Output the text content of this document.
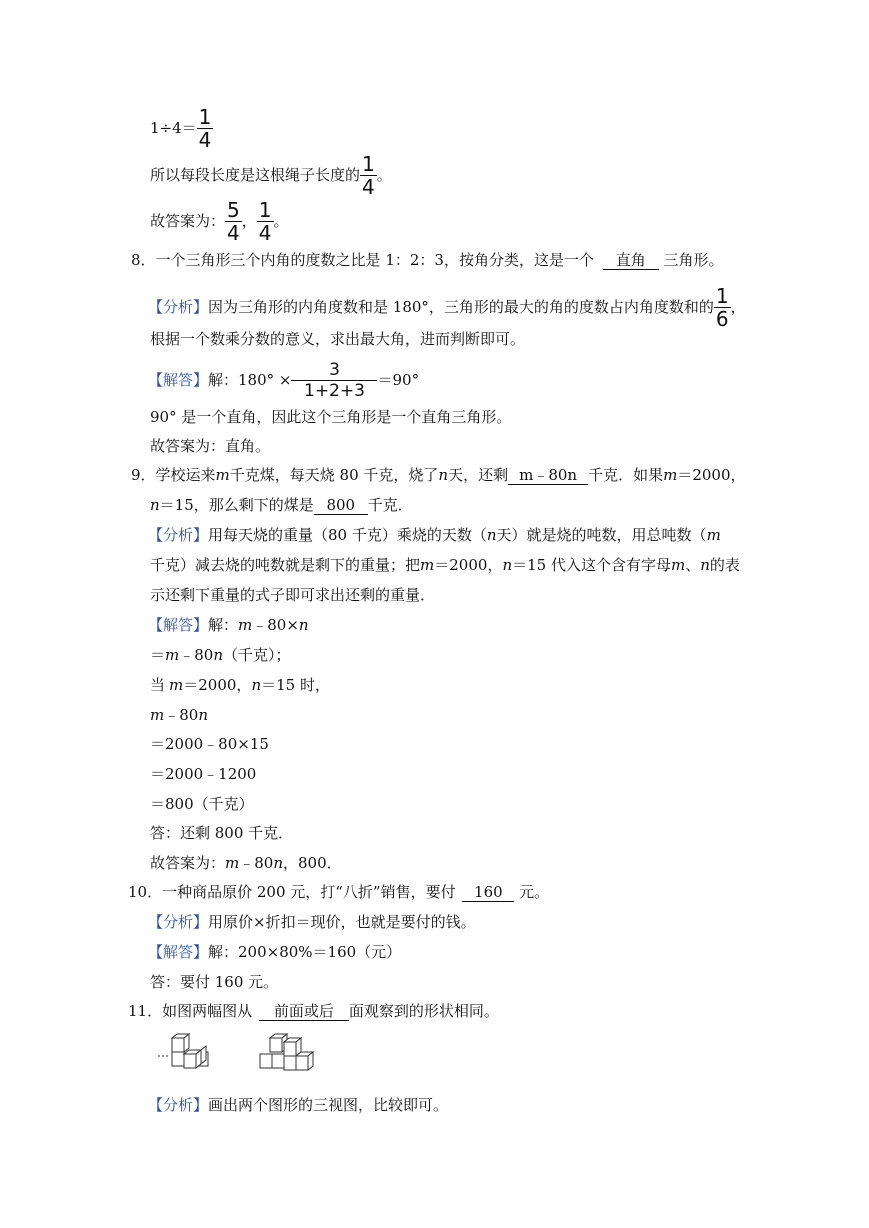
$1\div 4= \frac{1}{4}$
所以每段长度是这根绳子长度的 $\frac{1}{4}$ 。
故答案为： $\frac{5}{4}$ ， $\frac{1}{4}$ 。
8．一个三角形三个内角的度数之比是 1：2：3，按角分类，这是一个 直角 三角形。
【分析】因为三角形的内角度数和是 180°，三角形的最大的角的度数占内角度数和的 $\frac{1}{6}$ ，
根据一个数乘分数的意义，求出最大角，进而判断即可。
【解答】解：$180^\circ \times \frac{3}{1+2+3} =90^\circ$
90° 是一个直角，因此这个三角形是一个直角三角形。
故答案为：直角。
9．学校运来m千克煤，每天烧 80 千克，烧了n天，还剩 m﹣80n 千克．如果m＝2000，
n＝15，那么剩下的煤是 800 千克．
【分析】用每天烧的重量（80 千克）乘烧的天数（n天）就是烧的吨数，用总吨数（m
千克）减去烧的吨数就是剩下的重量；把m＝2000，n＝15 代入这个含有字母m、n的表
示还剩下重量的式子即可求出还剩的重量．
【解答】解：m﹣80×n
＝m﹣80n（千克）；
当 m＝2000，n＝15 时，
m﹣80n
＝2000﹣80×15
＝2000﹣1200
＝800（千克）
答：还剩 800 千克．
故答案为：m﹣80n，800．
10．一种商品原价 200 元，打“八折”销售，要付 160 元。
【分析】用原价×折扣＝现价，也就是要付的钱。
【解答】解：200×80%＝160（元）
答：要付 160 元。
11．如图两幅图从 前面或后 面观察到的形状相同。
【分析】画出两个图形的三视图，比较即可。
